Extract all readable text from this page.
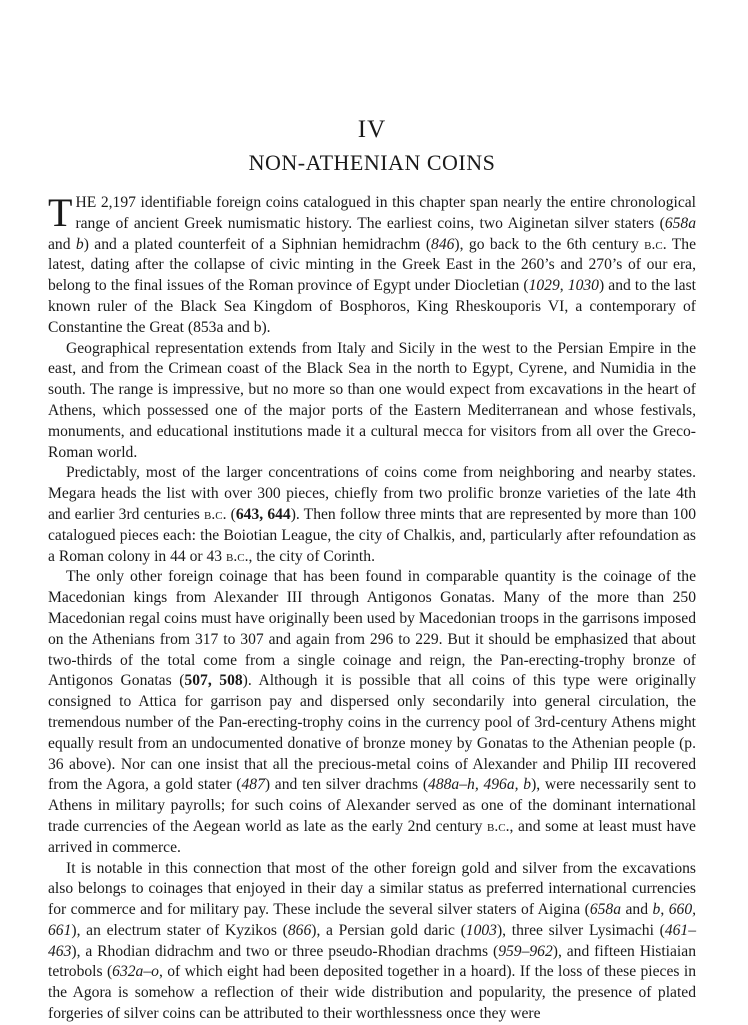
IV
NON-ATHENIAN COINS

T HE 2,197 identifiable foreign coins catalogued in this chapter span nearly the entire chronological range of ancient Greek numismatic history. The earliest coins, two Aiginetan silver staters (658a and b) and a plated counterfeit of a Siphnian hemidrachm (846), go back to the 6th century b.c. The latest, dating after the collapse of civic minting in the Greek East in the 260’s and 270’s of our era, belong to the final issues of the Roman province of Egypt under Diocletian (1029, 1030) and to the last known ruler of the Black Sea Kingdom of Bosphoros, King Rheskouporis VI, a contemporary of Constantine the Great (853a and b).

Geographical representation extends from Italy and Sicily in the west to the Persian Empire in the east, and from the Crimean coast of the Black Sea in the north to Egypt, Cyrene, and Numidia in the south. The range is impressive, but no more so than one would expect from excavations in the heart of Athens, which possessed one of the major ports of the Eastern Mediterranean and whose festivals, monuments, and educational institutions made it a cultural mecca for visitors from all over the Greco-Roman world.

Predictably, most of the larger concentrations of coins come from neighboring and nearby states. Megara heads the list with over 300 pieces, chiefly from two prolific bronze varieties of the late 4th and earlier 3rd centuries b.c. (643, 644). Then follow three mints that are represented by more than 100 catalogued pieces each: the Boiotian League, the city of Chalkis, and, particularly after refoundation as a Roman colony in 44 or 43 b.c., the city of Corinth.

The only other foreign coinage that has been found in comparable quantity is the coinage of the Macedonian kings from Alexander III through Antigonos Gonatas. Many of the more than 250 Macedonian regal coins must have originally been used by Macedonian troops in the garrisons imposed on the Athenians from 317 to 307 and again from 296 to 229. But it should be emphasized that about two-thirds of the total come from a single coinage and reign, the Pan-erecting-trophy bronze of Antigonos Gonatas (507, 508). Although it is possible that all coins of this type were originally consigned to Attica for garrison pay and dispersed only secondarily into general circulation, the tremendous number of the Pan-erecting-trophy coins in the currency pool of 3rd-century Athens might equally result from an undocumented donative of bronze money by Gonatas to the Athenian people (p. 36 above). Nor can one insist that all the precious-metal coins of Alexander and Philip III recovered from the Agora, a gold stater (487) and ten silver drachms (488a–h, 496a, b), were necessarily sent to Athens in military payrolls; for such coins of Alexander served as one of the dominant international trade currencies of the Aegean world as late as the early 2nd century b.c., and some at least must have arrived in commerce.

It is notable in this connection that most of the other foreign gold and silver from the excavations also belongs to coinages that enjoyed in their day a similar status as preferred international currencies for commerce and for military pay. These include the several silver staters of Aigina (658a and b, 660, 661), an electrum stater of Kyzikos (866), a Persian gold daric (1003), three silver Lysimachi (461–463), a Rhodian didrachm and two or three pseudo-Rhodian drachms (959–962), and fifteen Histiaian tetrobols (632a–o, of which eight had been deposited together in a hoard). If the loss of these pieces in the Agora is somehow a reflection of their wide distribution and popularity, the presence of plated forgeries of silver coins can be attributed to their worthlessness once they were
